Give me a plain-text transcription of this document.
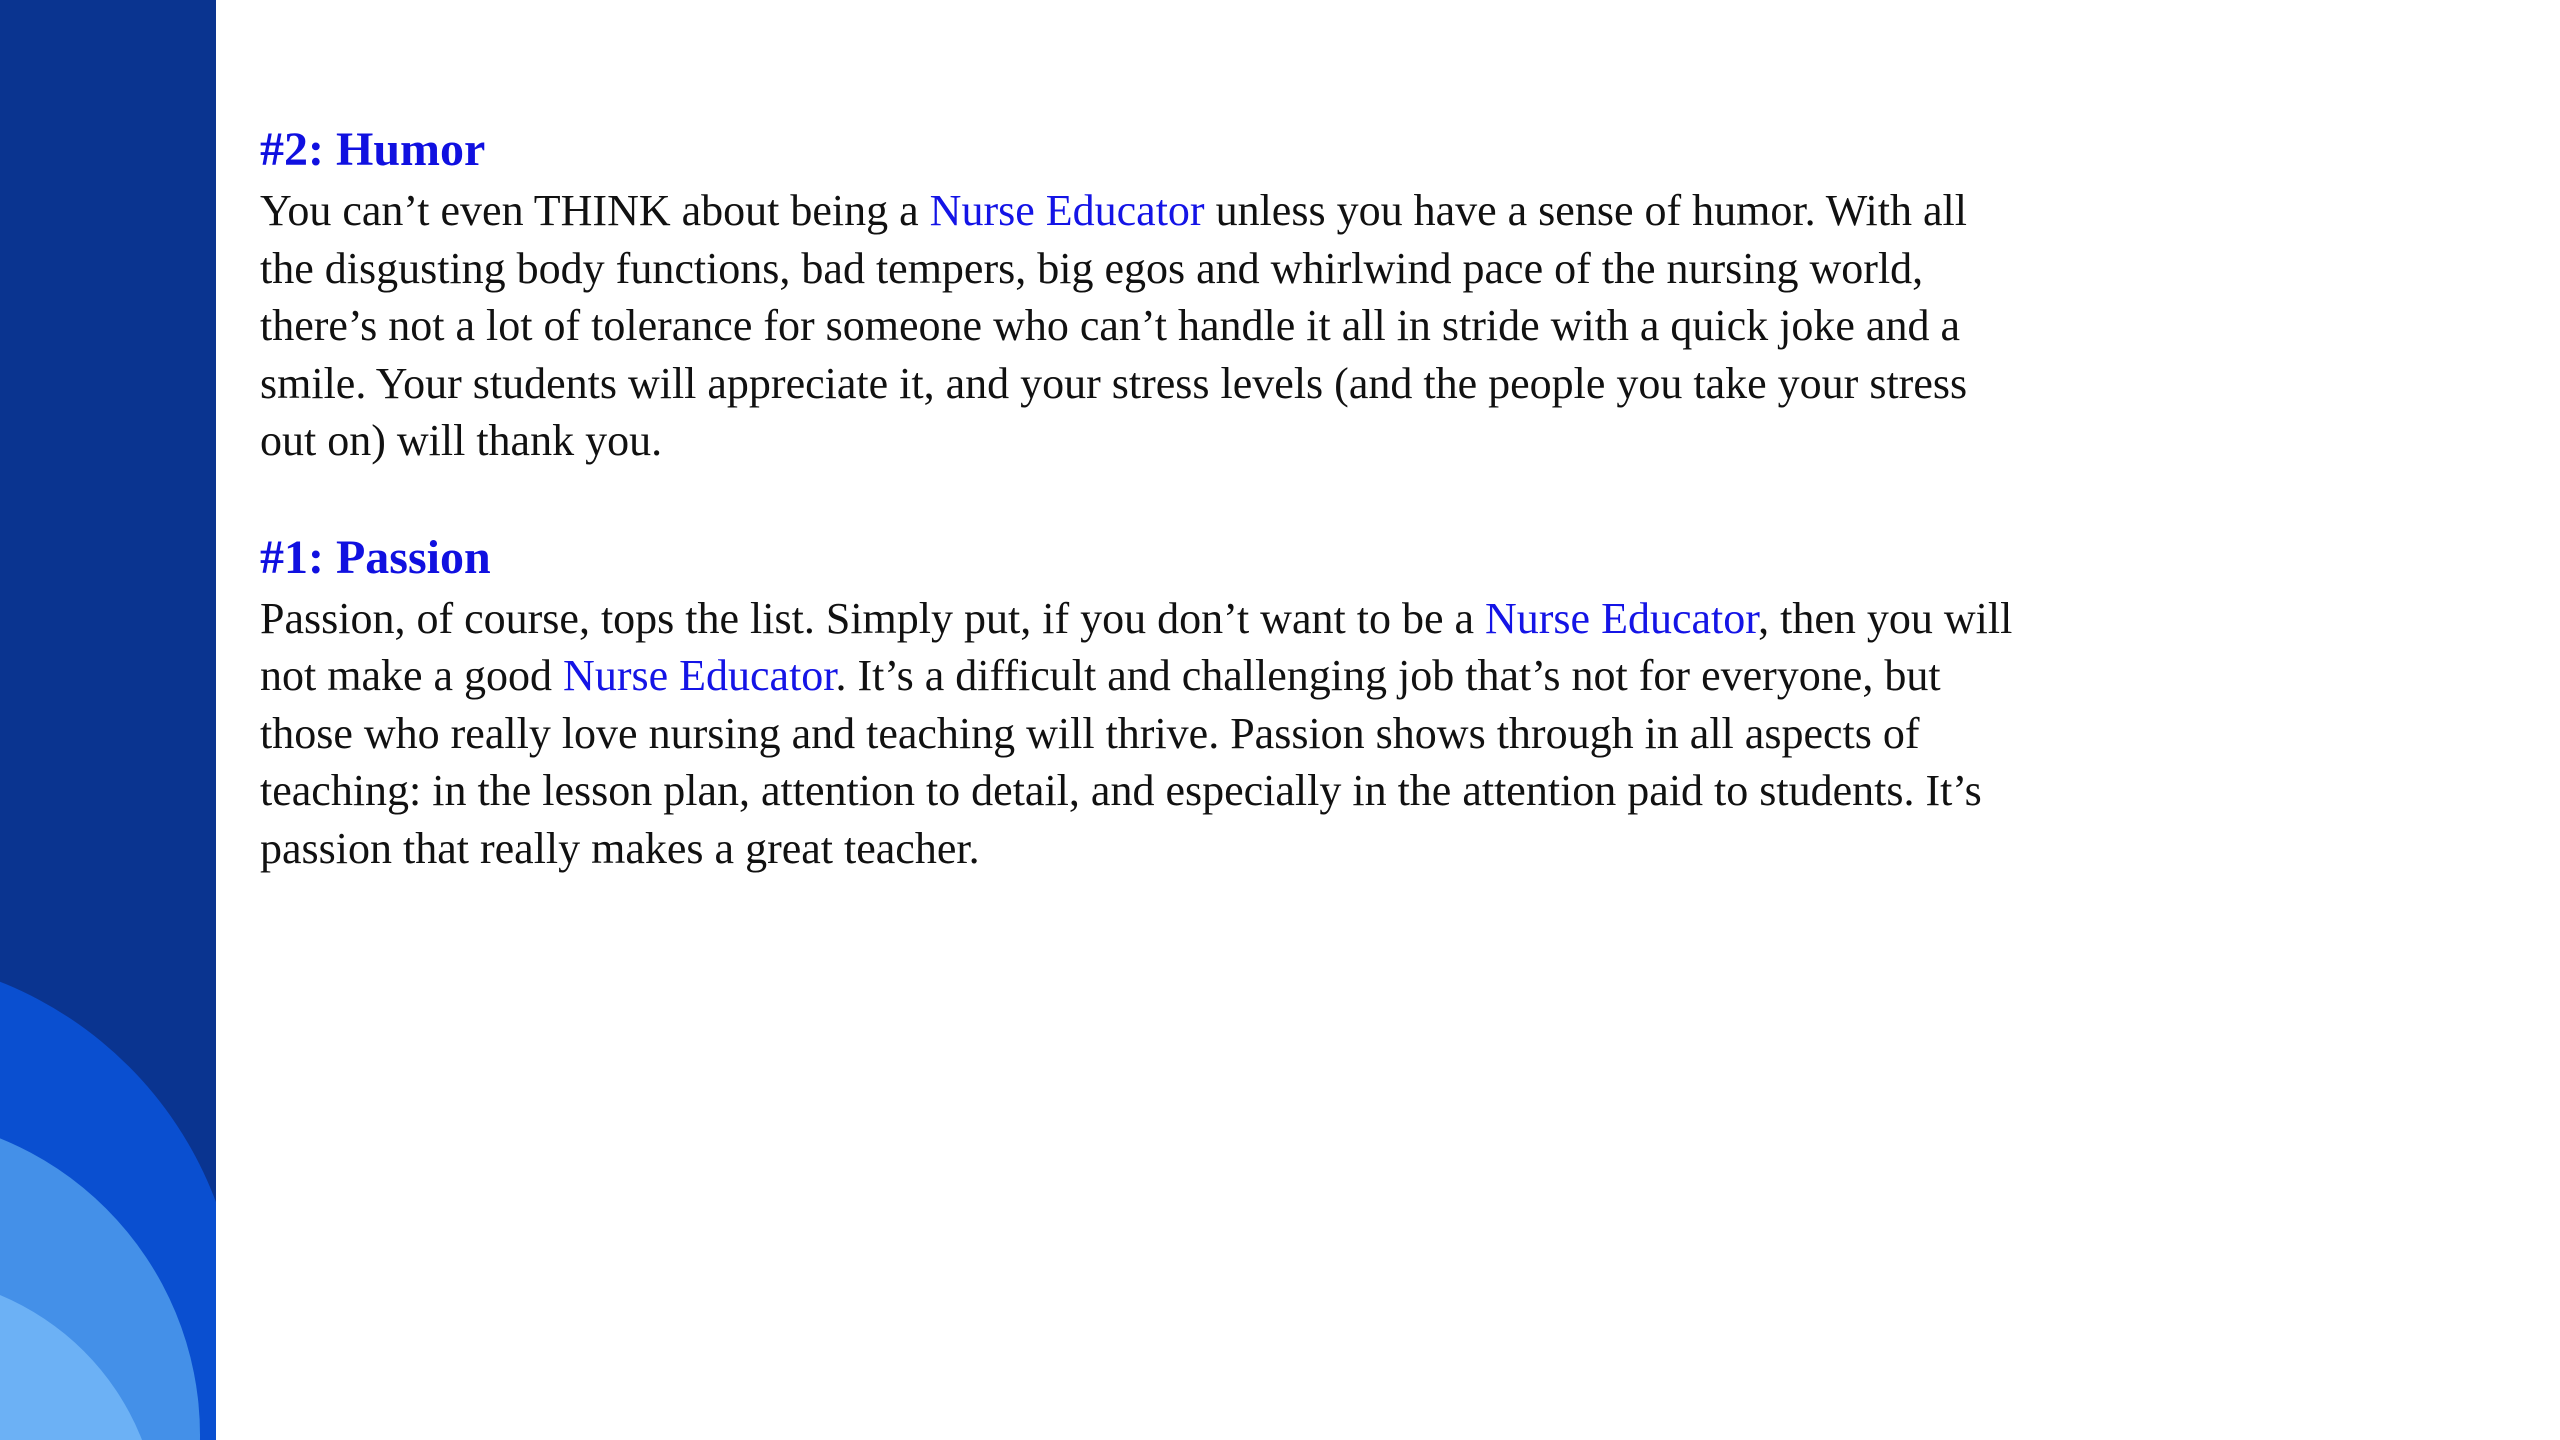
#2: Humor

You can’t even THINK about being a Nurse Educator unless you have a sense of humor. With all the disgusting body functions, bad tempers, big egos and whirlwind pace of the nursing world, there’s not a lot of tolerance for someone who can’t handle it all in stride with a quick joke and a smile. Your students will appreciate it, and your stress levels (and the people you take your stress out on) will thank you.

#1: Passion

Passion, of course, tops the list. Simply put, if you don’t want to be a Nurse Educator, then you will not make a good Nurse Educator. It’s a difficult and challenging job that’s not for everyone, but those who really love nursing and teaching will thrive. Passion shows through in all aspects of teaching: in the lesson plan, attention to detail, and especially in the attention paid to students. It’s passion that really makes a great teacher.
